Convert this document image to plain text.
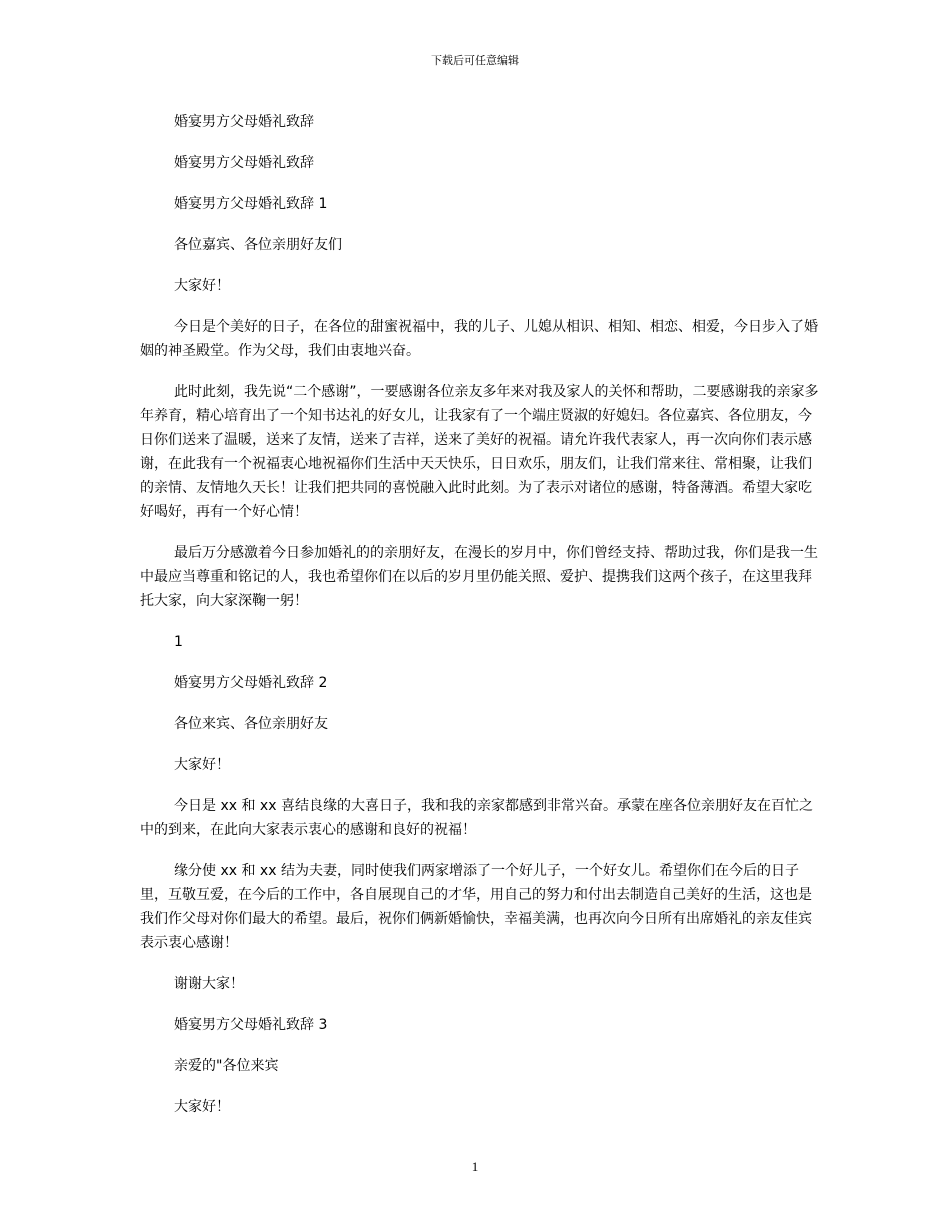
下载后可任意编辑

婚宴男方父母婚礼致辞

婚宴男方父母婚礼致辞

婚宴男方父母婚礼致辞 1

各位嘉宾、各位亲朋好友们

大家好！

今日是个美好的日子，在各位的甜蜜祝福中，我的儿子、儿媳从相识、相知、相恋、相爱，今日步入了婚姻的神圣殿堂。作为父母，我们由衷地兴奋。

此时此刻，我先说“二个感谢”，一要感谢各位亲友多年来对我及家人的关怀和帮助，二要感谢我的亲家多年养育，精心培育出了一个知书达礼的好女儿，让我家有了一个端庄贤淑的好媳妇。各位嘉宾、各位朋友，今日你们送来了温暖，送来了友情，送来了吉祥，送来了美好的祝福。请允许我代表家人，再一次向你们表示感谢，在此我有一个祝福衷心地祝福你们生活中天天快乐，日日欢乐，朋友们，让我们常来往、常相聚，让我们的亲情、友情地久天长！让我们把共同的喜悦融入此时此刻。为了表示对诸位的感谢，特备薄酒。希望大家吃好喝好，再有一个好心情！

最后万分感激着今日参加婚礼的的亲朋好友，在漫长的岁月中，你们曾经支持、帮助过我，你们是我一生中最应当尊重和铭记的人，我也希望你们在以后的岁月里仍能关照、爱护、提携我们这两个孩子，在这里我拜托大家，向大家深鞠一躬！

1

婚宴男方父母婚礼致辞 2

各位来宾、各位亲朋好友

大家好！

今日是 xx 和 xx 喜结良缘的大喜日子，我和我的亲家都感到非常兴奋。承蒙在座各位亲朋好友在百忙之中的到来，在此向大家表示衷心的感谢和良好的祝福！

缘分使 xx 和 xx 结为夫妻，同时使我们两家增添了一个好儿子，一个好女儿。希望你们在今后的日子里，互敬互爱，在今后的工作中，各自展现自己的才华，用自己的努力和付出去制造自己美好的生活，这也是我们作父母对你们最大的希望。最后，祝你们俩新婚愉快，幸福美满，也再次向今日所有出席婚礼的亲友佳宾表示衷心感谢！

谢谢大家！

婚宴男方父母婚礼致辞 3

亲爱的"各位来宾

大家好！

1
